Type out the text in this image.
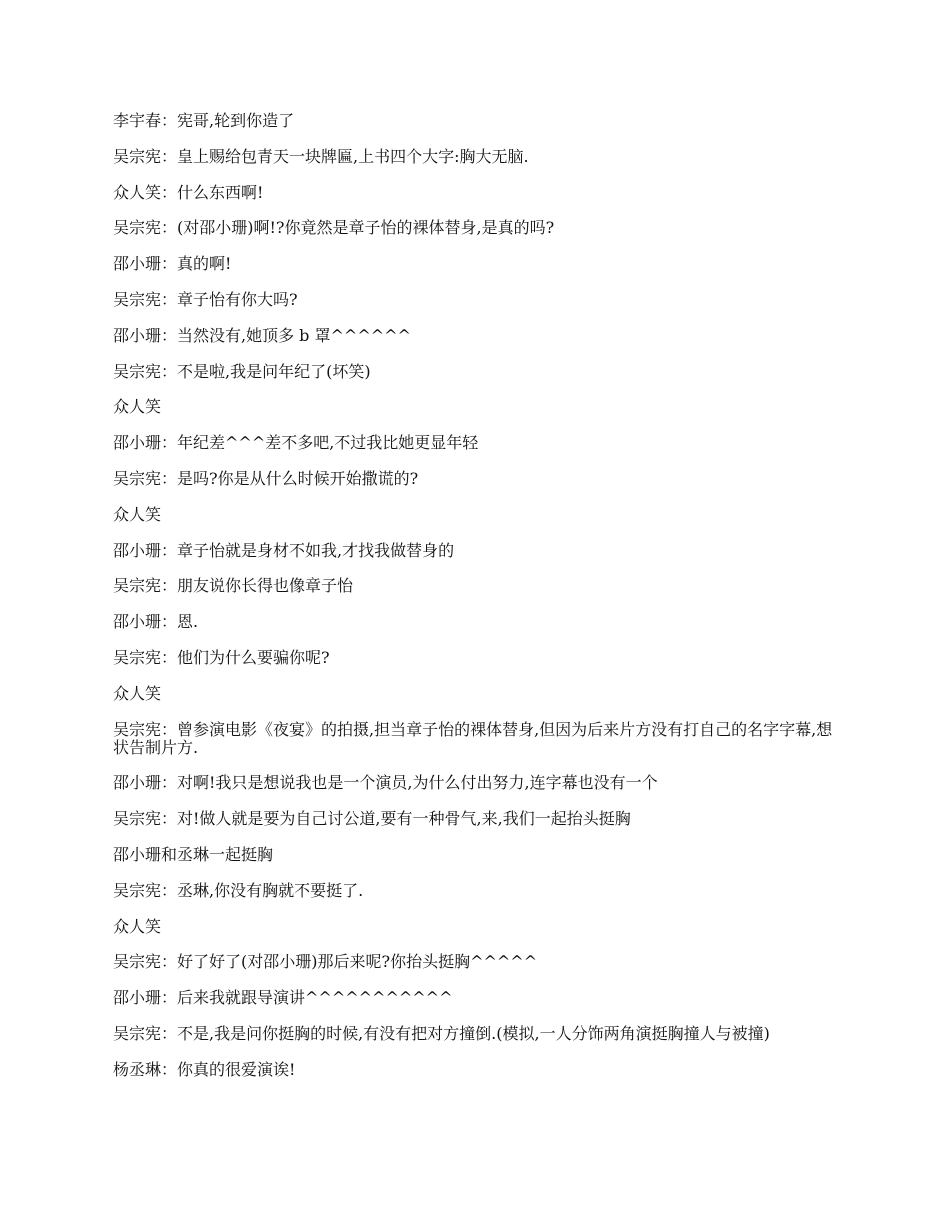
李宇春：宪哥,轮到你造了

吴宗宪：皇上赐给包青天一块牌匾,上书四个大字:胸大无脑.

众人笑：什么东西啊!

吴宗宪：(对邵小珊)啊!?你竟然是章子怡的裸体替身,是真的吗?

邵小珊：真的啊!

吴宗宪：章子怡有你大吗?

邵小珊：当然没有,她顶多 b 罩^^^^^^

吴宗宪：不是啦,我是问年纪了(坏笑)

众人笑

邵小珊：年纪差^^^差不多吧,不过我比她更显年轻

吴宗宪：是吗?你是从什么时候开始撒谎的?

众人笑

邵小珊：章子怡就是身材不如我,才找我做替身的

吴宗宪：朋友说你长得也像章子怡

邵小珊：恩.

吴宗宪：他们为什么要骗你呢?

众人笑

吴宗宪：曾参演电影《夜宴》的拍摄,担当章子怡的裸体替身,但因为后来片方没有打自己的名字字幕,想状告制片方.

邵小珊：对啊!我只是想说我也是一个演员,为什么付出努力,连字幕也没有一个

吴宗宪：对!做人就是要为自己讨公道,要有一种骨气,来,我们一起抬头挺胸

邵小珊和丞琳一起挺胸

吴宗宪：丞琳,你没有胸就不要挺了.

众人笑

吴宗宪：好了好了(对邵小珊)那后来呢?你抬头挺胸^^^^^

邵小珊：后来我就跟导演讲^^^^^^^^^^^

吴宗宪：不是,我是问你挺胸的时候,有没有把对方撞倒.(模拟,一人分饰两角演挺胸撞人与被撞)

杨丞琳：你真的很爱演诶!
